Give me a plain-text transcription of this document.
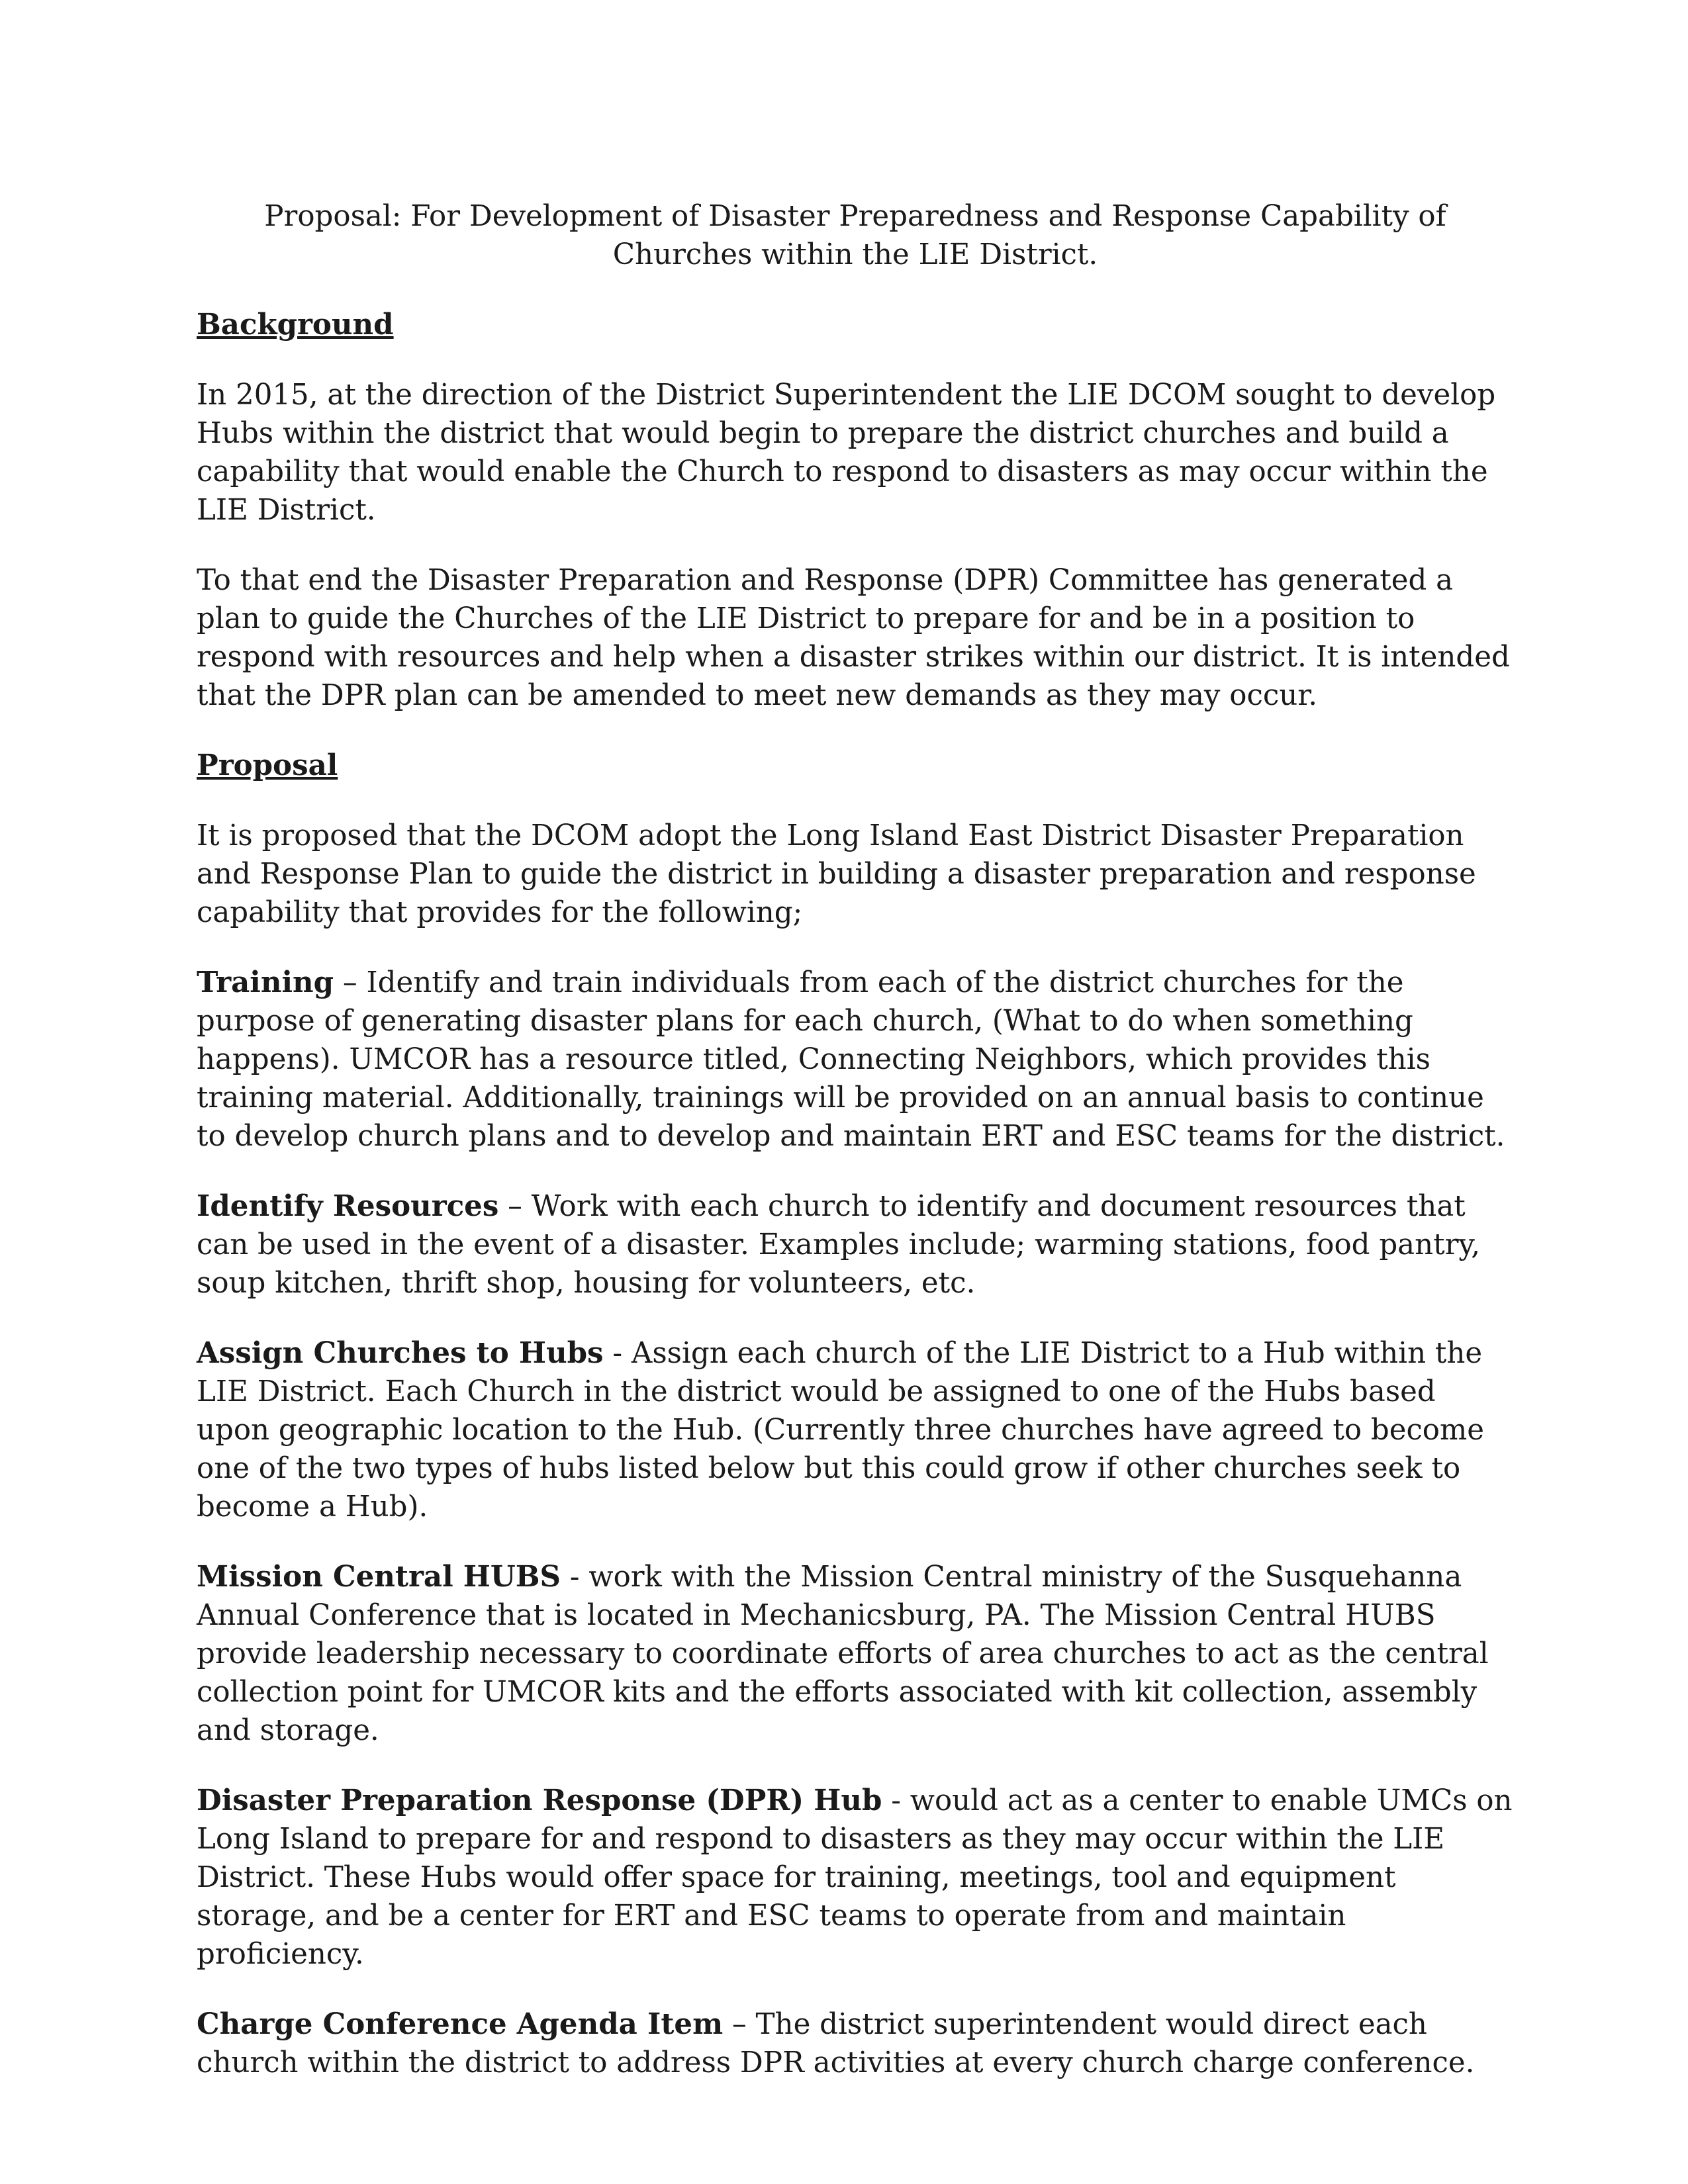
Proposal: For Development of Disaster Preparedness and Response Capability of Churches within the LIE District.
Background

In 2015, at the direction of the District Superintendent the LIE DCOM sought to develop Hubs within the district that would begin to prepare the district churches and build a capability that would enable the Church to respond to disasters as may occur within the LIE District.

To that end the Disaster Preparation and Response (DPR) Committee has generated a plan to guide the Churches of the LIE District to prepare for and be in a position to respond with resources and help when a disaster strikes within our district. It is intended that the DPR plan can be amended to meet new demands as they may occur.

Proposal

It is proposed that the DCOM adopt the Long Island East District Disaster Preparation and Response Plan to guide the district in building a disaster preparation and response capability that provides for the following;

Training – Identify and train individuals from each of the district churches for the purpose of generating disaster plans for each church, (What to do when something happens). UMCOR has a resource titled, Connecting Neighbors, which provides this training material. Additionally, trainings will be provided on an annual basis to continue to develop church plans and to develop and maintain ERT and ESC teams for the district.

Identify Resources – Work with each church to identify and document resources that can be used in the event of a disaster. Examples include; warming stations, food pantry, soup kitchen, thrift shop, housing for volunteers, etc.

Assign Churches to Hubs - Assign each church of the LIE District to a Hub within the LIE District. Each Church in the district would be assigned to one of the Hubs based upon geographic location to the Hub. (Currently three churches have agreed to become one of the two types of hubs listed below but this could grow if other churches seek to become a Hub).

Mission Central HUBS - work with the Mission Central ministry of the Susquehanna Annual Conference that is located in Mechanicsburg, PA. The Mission Central HUBS provide leadership necessary to coordinate efforts of area churches to act as the central collection point for UMCOR kits and the efforts associated with kit collection, assembly and storage.

Disaster Preparation Response (DPR) Hub - would act as a center to enable UMCs on Long Island to prepare for and respond to disasters as they may occur within the LIE District. These Hubs would offer space for training, meetings, tool and equipment storage, and be a center for ERT and ESC teams to operate from and maintain proficiency.

Charge Conference Agenda Item – The district superintendent would direct each church within the district to address DPR activities at every church charge conference.
